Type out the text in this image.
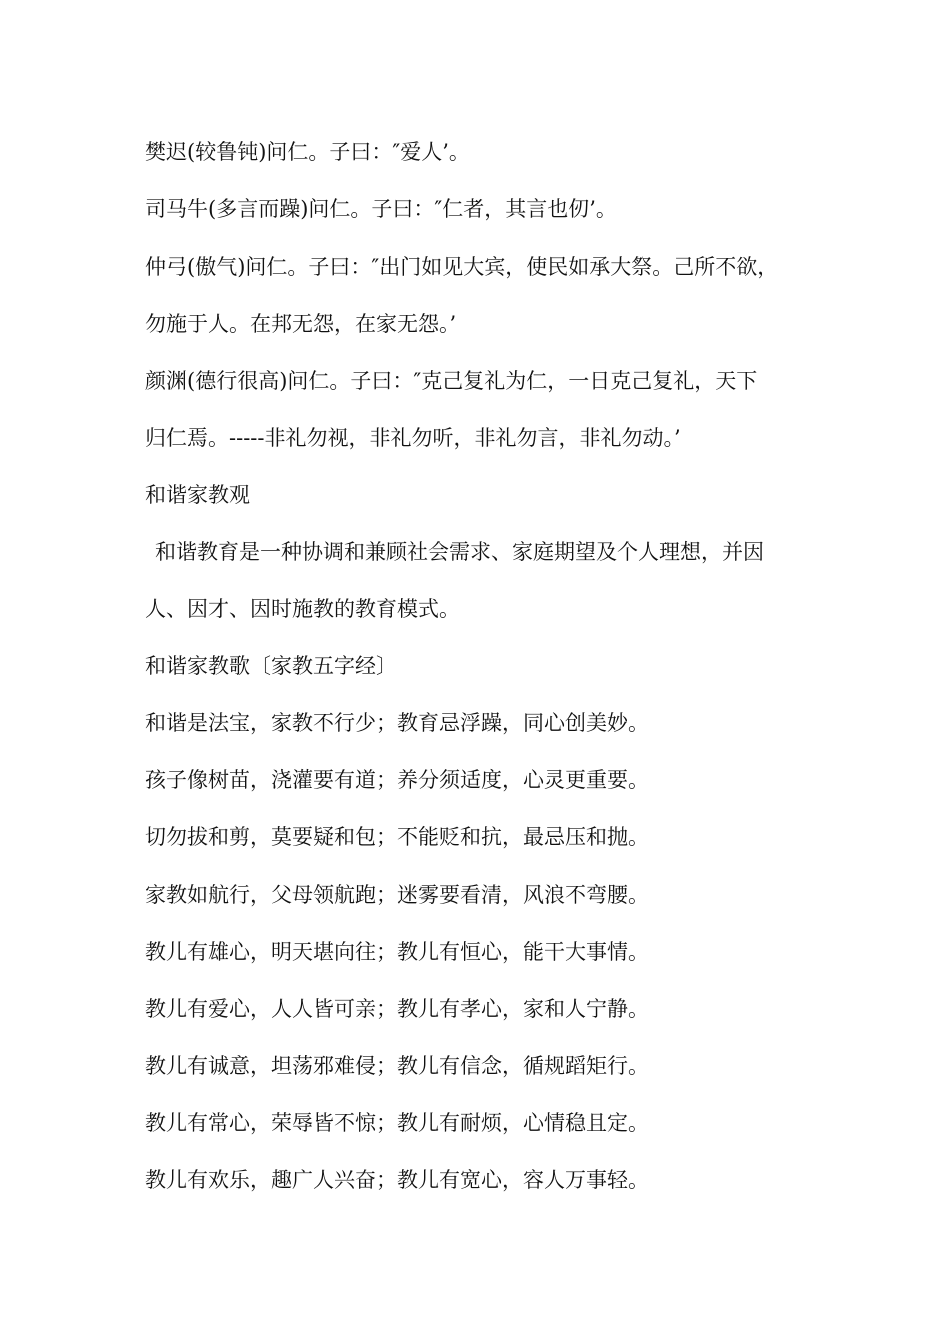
樊迟(较鲁钝)问仁。子曰：″爱人’。
司马牛(多言而躁)问仁。子曰：″仁者，其言也仞’。
仲弓(傲气)问仁。子曰：″出门如见大宾，使民如承大祭。己所不欲，
勿施于人。在邦无怨，在家无怨。’
颜渊(德行很高)问仁。子曰：″克己复礼为仁，一日克己复礼，天下
归仁焉。-----非礼勿视，非礼勿听，非礼勿言，非礼勿动。’
和谐家教观
和谐教育是一种协调和兼顾社会需求、家庭期望及个人理想，并因
人、因才、因时施教的教育模式。
和谐家教歌〔家教五字经〕
和谐是法宝，家教不行少；教育忌浮躁，同心创美妙。
孩子像树苗，浇灌要有道；养分须适度，心灵更重要。
切勿拔和剪，莫要疑和包；不能贬和抗，最忌压和抛。
家教如航行，父母领航跑；迷雾要看清，风浪不弯腰。
教儿有雄心，明天堪向往；教儿有恒心，能干大事情。
教儿有爱心，人人皆可亲；教儿有孝心，家和人宁静。
教儿有诚意，坦荡邪难侵；教儿有信念，循规蹈矩行。
教儿有常心，荣辱皆不惊；教儿有耐烦，心情稳且定。
教儿有欢乐，趣广人兴奋；教儿有宽心，容人万事轻。
